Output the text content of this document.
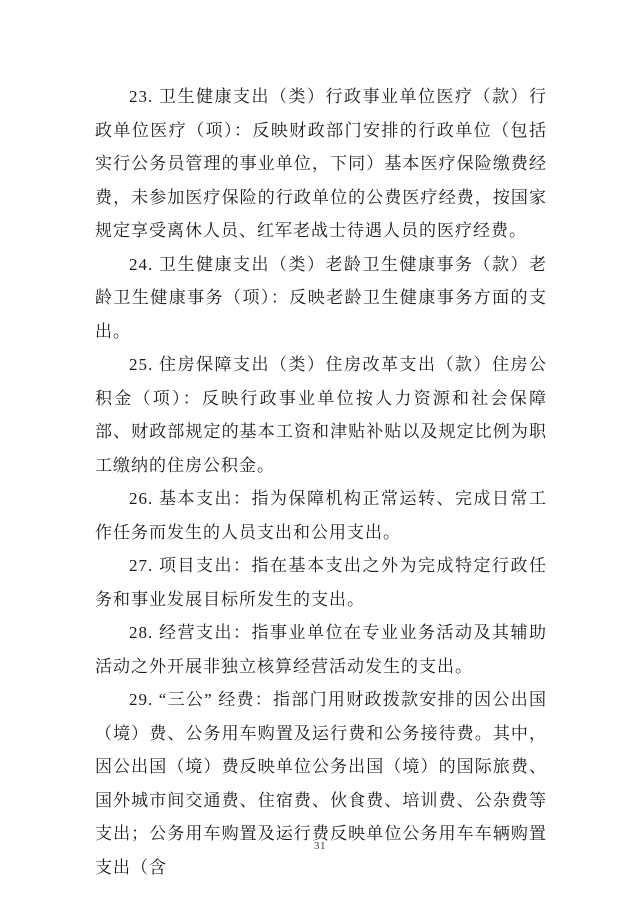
23. 卫生健康支出（类）行政事业单位医疗（款）行政单位医疗（项）：反映财政部门安排的行政单位（包括实行公务员管理的事业单位，下同）基本医疗保险缴费经费，未参加医疗保险的行政单位的公费医疗经费，按国家规定享受离休人员、红军老战士待遇人员的医疗经费。

24. 卫生健康支出（类）老龄卫生健康事务（款）老龄卫生健康事务（项）：反映老龄卫生健康事务方面的支出。

25. 住房保障支出（类）住房改革支出（款）住房公积金（项）：反映行政事业单位按人力资源和社会保障部、财政部规定的基本工资和津贴补贴以及规定比例为职工缴纳的住房公积金。

26. 基本支出：指为保障机构正常运转、完成日常工作任务而发生的人员支出和公用支出。

27. 项目支出：指在基本支出之外为完成特定行政任务和事业发展目标所发生的支出。

28. 经营支出：指事业单位在专业业务活动及其辅助活动之外开展非独立核算经营活动发生的支出。

29. “三公” 经费：指部门用财政拨款安排的因公出国（境）费、公务用车购置及运行费和公务接待费。其中，因公出国（境）费反映单位公务出国（境）的国际旅费、国外城市间交通费、住宿费、伙食费、培训费、公杂费等支出；公务用车购置及运行费反映单位公务用车车辆购置支出（含

31
